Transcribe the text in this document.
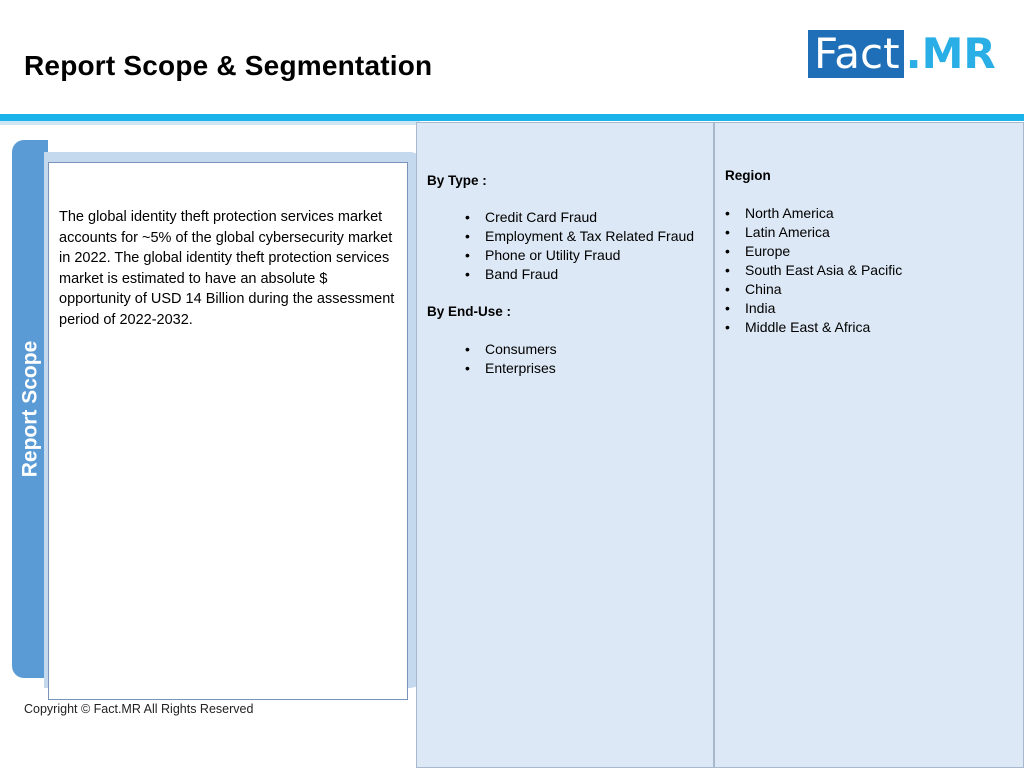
Report Scope & Segmentation	Fact .MR
Report Scope
The global identity theft protection services market accounts for ~5% of the global cybersecurity market in 2022. The global identity theft protection services market is estimated to have an absolute $ opportunity of USD 14 Billion during the assessment period of 2022-2032.
By Type :
• Credit Card Fraud
• Employment & Tax Related Fraud
• Phone or Utility Fraud
• Band Fraud
By End-Use :
• Consumers
• Enterprises
Region
• North America
• Latin America
• Europe
• South East Asia & Pacific
• China
• India
• Middle East & Africa
Copyright © Fact.MR All Rights Reserved
